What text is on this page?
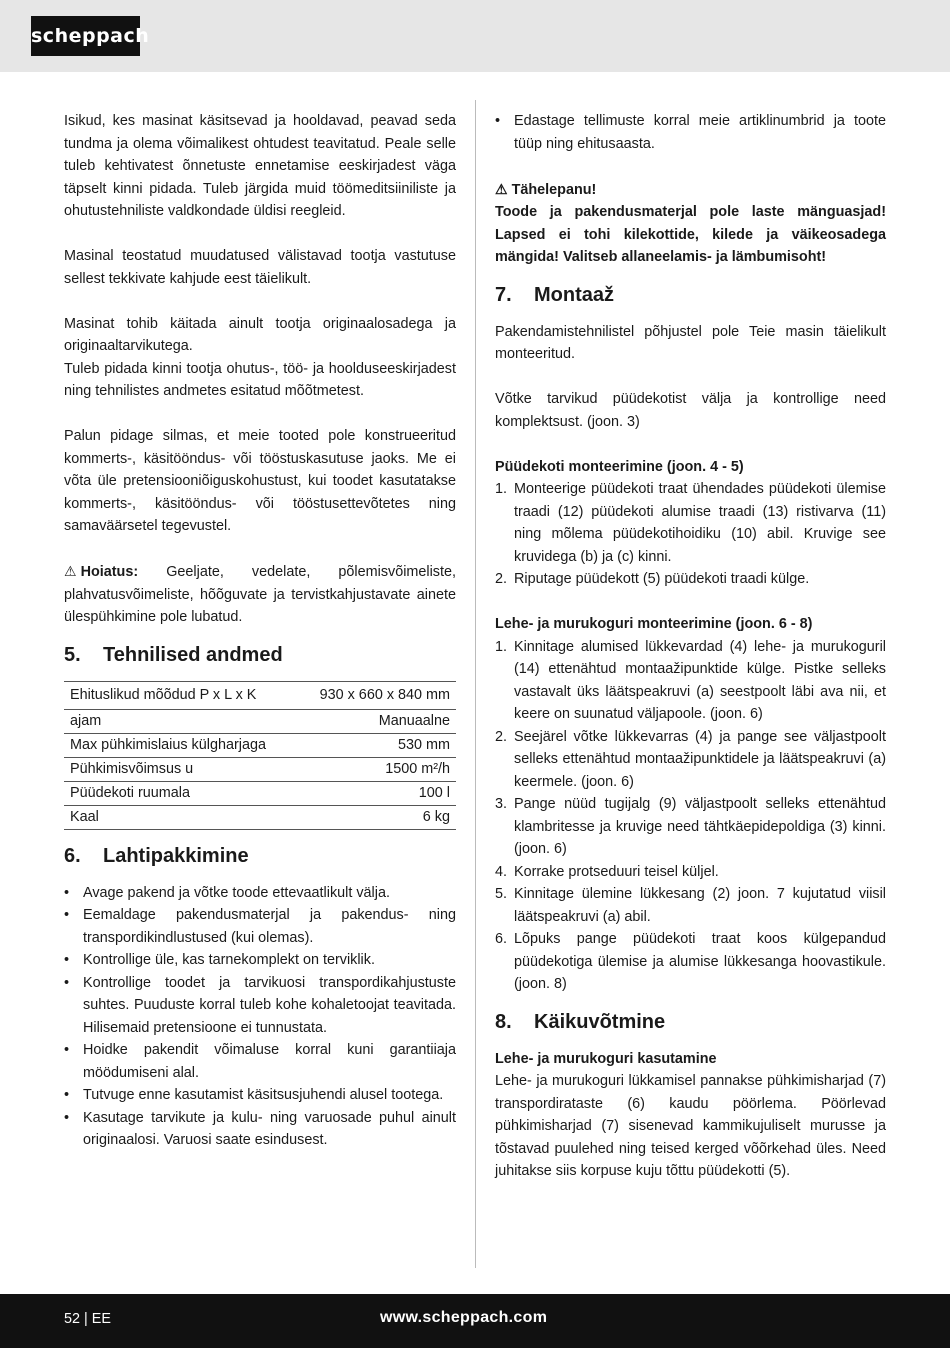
scheppach

Isikud, kes masinat käsitsevad ja hooldavad, peavad seda tundma ja olema võimalikest ohtudest teavitatud. Peale selle tuleb kehtivatest õnnetuste ennetamise eeskirjadest väga täpselt kinni pidada. Tuleb järgida muid töömeditsiiniliste ja ohutustehniliste valdkondade üldisi reegleid.

Masinal teostatud muudatused välistavad tootja vastutuse sellest tekkivate kahjude eest täielikult.

Masinat tohib käitada ainult tootja originaalosadega ja originaaltarvikutega.

Tuleb pidada kinni tootja ohutus-, töö- ja hoolduseeskirjadest ning tehnilistes andmetes esitatud mõõtmetest.

Palun pidage silmas, et meie tooted pole konstrueeritud kommerts-, käsitööndus- või tööstuskasutuse jaoks. Me ei võta üle pretensiooniõiguskohustust, kui toodet kasutatakse kommerts-, käsitööndus- või tööstusettevõtetes ning samaväärsetel tegevustel.

⚠ Hoiatus: Geeljate, vedelate, põlemisvõimeliste, plahvatusvõimeliste, hõõguvate ja tervistkahjustavate ainete ülespühkimine pole lubatud.

5.	Tehnilised andmed
Ehituslikud mõõdud P x L x K	930 x 660 x 840 mm
ajam	Manuaalne
Max pühkimislaius külgharjaga	530 mm
Pühkimisvõimsus u	1500 m²/h
Püüdekoti ruumala	100 l
Kaal	6 kg
6.	Lahtipakkimine
• Avage pakend ja võtke toode ettevaatlikult välja.
• Eemaldage pakendusmaterjal ja pakendus- ning transpordikindlustused (kui olemas).
• Kontrollige üle, kas tarnekomplekt on terviklik.
• Kontrollige toodet ja tarvikuosi transpordikahjustuste suhtes. Puuduste korral tuleb kohe kohaletoojat teavitada. Hilisemaid pretensioone ei tunnustata.
• Hoidke pakendit võimaluse korral kuni garantiiaja möödumiseni alal.
• Tutvuge enne kasutamist käsitsusjuhendi alusel tootega.
• Kasutage tarvikute ja kulu- ning varuosade puhul ainult originaalosi. Varuosi saate esindusest.
• Edastage tellimuste korral meie artiklinumbrid ja toote tüüp ning ehitusaasta.

⚠ Tähelepanu!

Toode ja pakendusmaterjal pole laste mänguasjad! Lapsed ei tohi kilekottide, kilede ja väikeosadega mängida! Valitseb allaneelamis- ja lämbumisoht!

7.	Montaaž

Pakendamistehnilistel põhjustel pole Teie masin täielikult monteeritud.

Võtke tarvikud püüdekotist välja ja kontrollige need komplektsust. (joon. 3)

Püüdekoti monteerimine (joon. 4 - 5)

1. Monteerige püüdekoti traat ühendades püüdekoti ülemise traadi (12) püüdekoti alumise traadi (13) ristivarva (11) ning mõlema püüdekotihoidiku (10) abil. Kruvige see kruvidega (b) ja (c) kinni.
2. Riputage püüdekott (5) püüdekoti traadi külge.

Lehe- ja murukoguri monteerimine (joon. 6 - 8)

1. Kinnitage alumised lükkevardad (4) lehe- ja murukoguril (14) ettenähtud montaažipunktide külge. Pistke selleks vastavalt üks läätspeakruvi (a) seestpoolt läbi ava nii, et keere on suunatud väljapoole. (joon. 6)
2. Seejärel võtke lükkevarras (4) ja pange see väljastpoolt selleks ettenähtud montaažipunktidele ja läätspeakruvi (a) keermele. (joon. 6)
3. Pange nüüd tugijalg (9) väljastpoolt selleks ettenähtud klambritesse ja kruvige need tähtkäepidepoldiga (3) kinni. (joon. 6)
4. Korrake protseduuri teisel küljel.
5. Kinnitage ülemine lükkesang (2) joon. 7 kujutatud viisil läätspeakruvi (a) abil.
6. Lõpuks pange püüdekoti traat koos külgepandud püüdekotiga ülemise ja alumise lükkesanga hoovastikule. (joon. 8)
8.	Käikuvõtmine

Lehe- ja murukoguri kasutamine

Lehe- ja murukoguri lükkamisel pannakse pühkimisharjad (7) transpordirataste (6) kaudu pöörlema. Pöörlevad pühkimisharjad (7) sisenevad kammikujuliselt murusse ja tõstavad puulehed ning teised kerged võõrkehad üles. Need juhitakse siis korpuse kuju tõttu püüdekotti (5).

52 | EE	www.scheppach.com
